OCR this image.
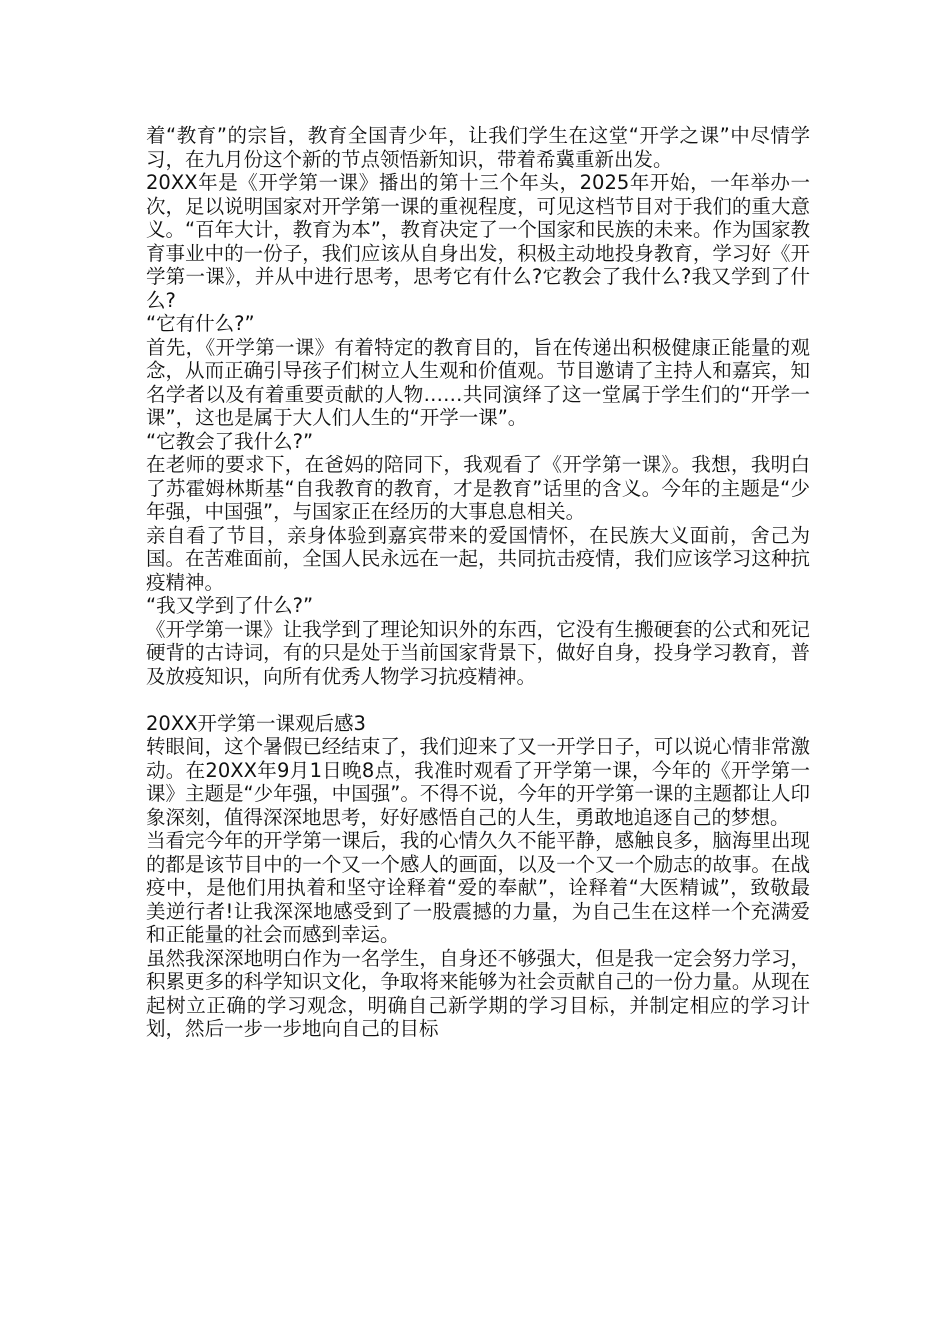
着“教育”的宗旨，教育全国青少年，让我们学生在这堂“开学之课”中尽情学习，在九月份这个新的节点领悟新知识，带着希冀重新出发。

20XX年是《开学第一课》播出的第十三个年头，2025年开始，一年举办一次，足以说明国家对开学第一课的重视程度，可见这档节目对于我们的重大意义。“百年大计，教育为本”，教育决定了一个国家和民族的未来。作为国家教育事业中的一份子，我们应该从自身出发，积极主动地投身教育，学习好《开学第一课》，并从中进行思考，思考它有什么?它教会了我什么?我又学到了什么?

“它有什么?”

首先，《开学第一课》有着特定的教育目的，旨在传递出积极健康正能量的观念，从而正确引导孩子们树立人生观和价值观。节目邀请了主持人和嘉宾，知名学者以及有着重要贡献的人物……共同演绎了这一堂属于学生们的“开学一课”，这也是属于大人们人生的“开学一课”。

“它教会了我什么?”

在老师的要求下，在爸妈的陪同下，我观看了《开学第一课》。我想，我明白了苏霍姆林斯基“自我教育的教育，才是教育”话里的含义。今年的主题是“少年强，中国强”，与国家正在经历的大事息息相关。

亲自看了节目，亲身体验到嘉宾带来的爱国情怀，在民族大义面前，舍己为国。在苦难面前，全国人民永远在一起，共同抗击疫情，我们应该学习这种抗疫精神。

“我又学到了什么?”

《开学第一课》让我学到了理论知识外的东西，它没有生搬硬套的公式和死记硬背的古诗词，有的只是处于当前国家背景下，做好自身，投身学习教育，普及放疫知识，向所有优秀人物学习抗疫精神。

20XX开学第一课观后感3

转眼间，这个暑假已经结束了，我们迎来了又一开学日子，可以说心情非常激动。在20XX年9月1日晚8点，我准时观看了开学第一课，今年的《开学第一课》主题是“少年强，中国强”。不得不说，今年的开学第一课的主题都让人印象深刻，值得深深地思考，好好感悟自己的人生，勇敢地追逐自己的梦想。

当看完今年的开学第一课后，我的心情久久不能平静，感触良多，脑海里出现的都是该节目中的一个又一个感人的画面，以及一个又一个励志的故事。在战疫中，是他们用执着和坚守诠释着“爱的奉献”，诠释着“大医精诚”，致敬最美逆行者!让我深深地感受到了一股震撼的力量，为自己生在这样一个充满爱和正能量的社会而感到幸运。

虽然我深深地明白作为一名学生，自身还不够强大，但是我一定会努力学习，积累更多的科学知识文化，争取将来能够为社会贡献自己的一份力量。从现在起树立正确的学习观念，明确自己新学期的学习目标，并制定相应的学习计划，然后一步一步地向自己的目标
